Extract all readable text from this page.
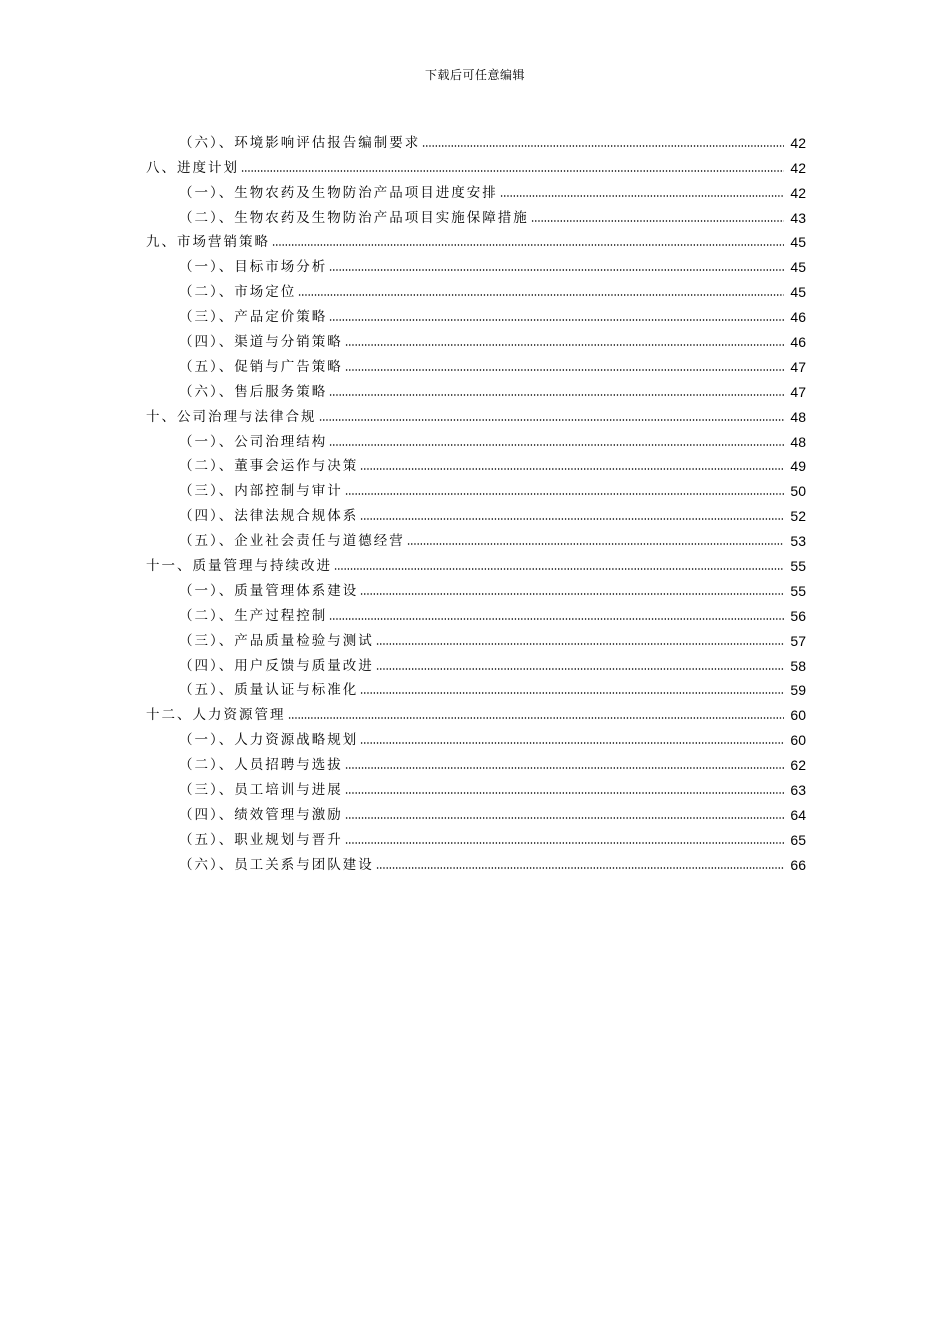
下载后可任意编辑
（六）、环境影响评估报告编制要求	42
八、进度计划	42
（一）、生物农药及生物防治产品项目进度安排	42
（二）、生物农药及生物防治产品项目实施保障措施	43
九、市场营销策略	45
（一）、目标市场分析	45
（二）、市场定位	45
（三）、产品定价策略	46
（四）、渠道与分销策略	46
（五）、促销与广告策略	47
（六）、售后服务策略	47
十、公司治理与法律合规	48
（一）、公司治理结构	48
（二）、董事会运作与决策	49
（三）、内部控制与审计	50
（四）、法律法规合规体系	52
（五）、企业社会责任与道德经营	53
十一、质量管理与持续改进	55
（一）、质量管理体系建设	55
（二）、生产过程控制	56
（三）、产品质量检验与测试	57
（四）、用户反馈与质量改进	58
（五）、质量认证与标准化	59
十二、人力资源管理	60
（一）、人力资源战略规划	60
（二）、人员招聘与选拔	62
（三）、员工培训与进展	63
（四）、绩效管理与激励	64
（五）、职业规划与晋升	65
（六）、员工关系与团队建设	66
